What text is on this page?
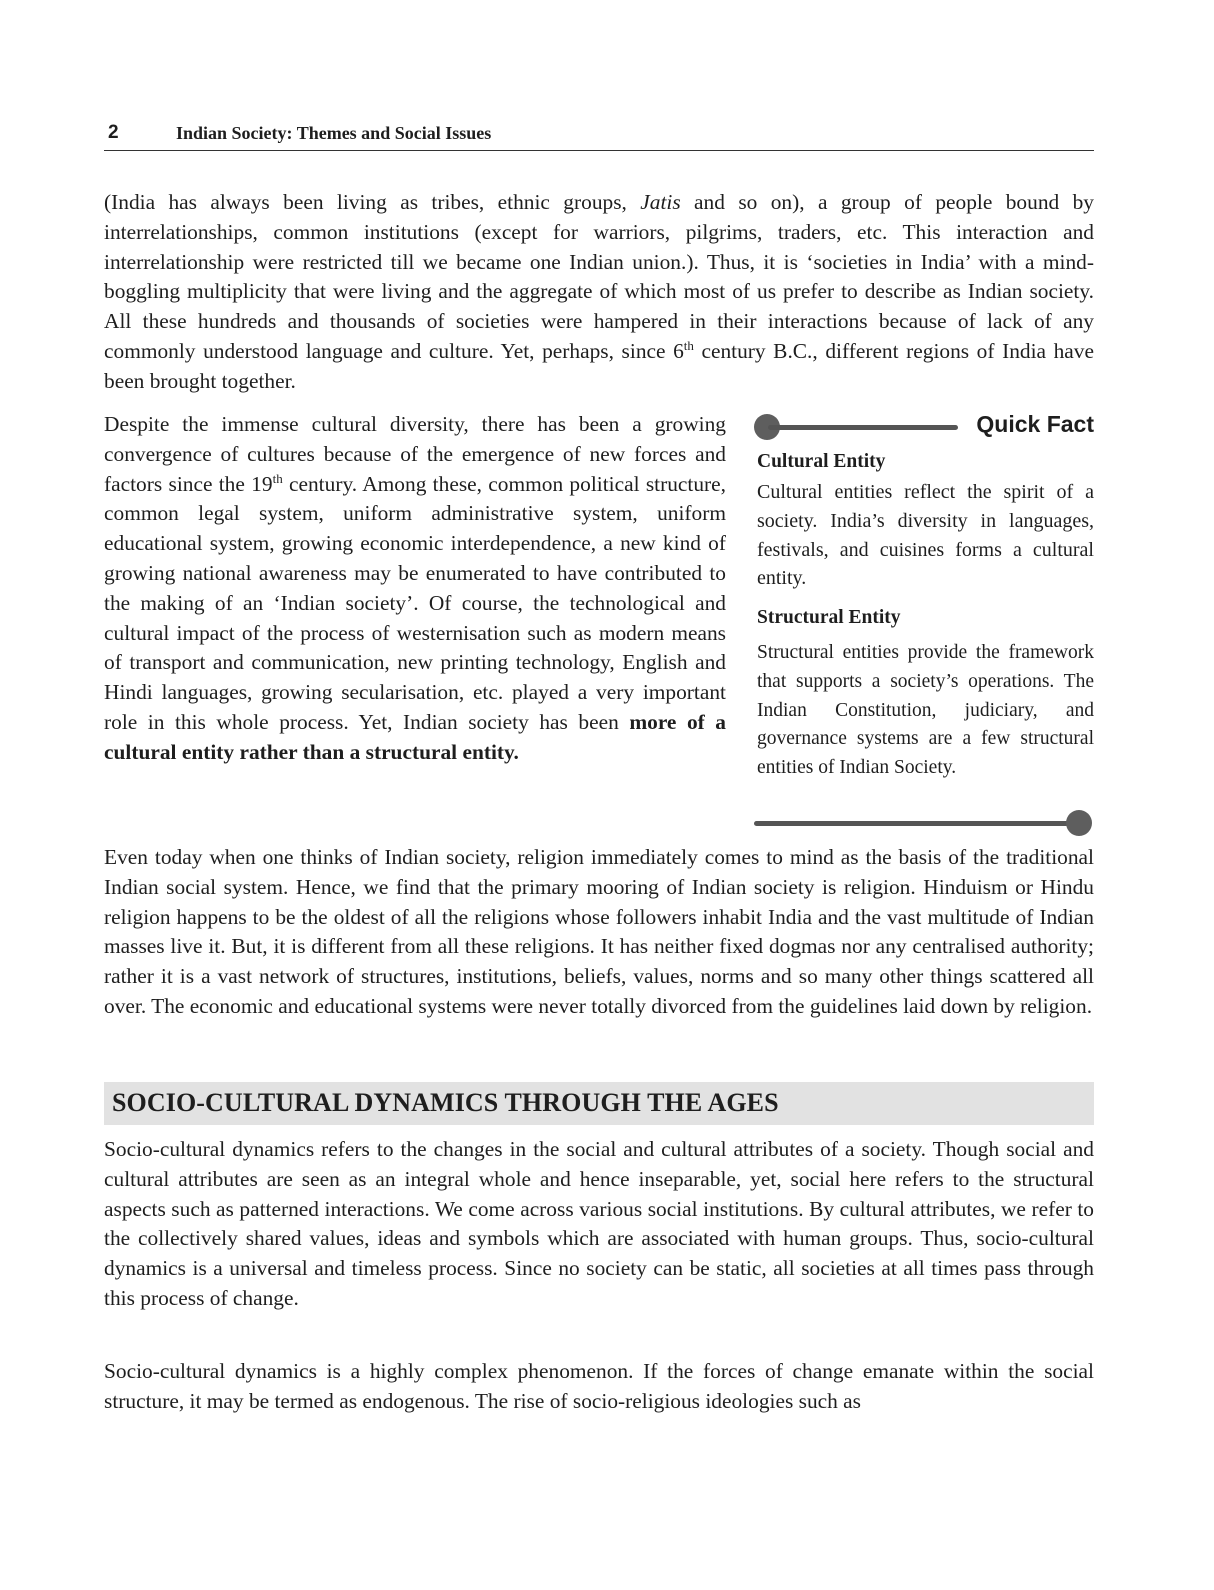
2	Indian Society: Themes and Social Issues

(India has always been living as tribes, ethnic groups, Jatis and so on), a group of people bound by interrelationships, common institutions (except for warriors, pilgrims, traders, etc. This interaction and interrelationship were restricted till we became one Indian union.). Thus, it is ‘societies in India’ with a mind-boggling multiplicity that were living and the aggregate of which most of us prefer to describe as Indian society. All these hundreds and thousands of societies were hampered in their interactions because of lack of any commonly understood language and culture. Yet, perhaps, since 6th century B.C., different regions of India have been brought together.

Despite the immense cultural diversity, there has been a growing convergence of cultures because of the emergence of new forces and factors since the 19th century. Among these, common political structure, common legal system, uniform administrative system, uniform educational system, growing economic interdependence, a new kind of growing national awareness may be enumerated to have contributed to the making of an ‘Indian society’. Of course, the technological and cultural impact of the process of westernisation such as modern means of transport and communication, new printing technology, English and Hindi languages, growing secularisation, etc. played a very important role in this whole process. Yet, Indian society has been more of a cultural entity rather than a structural entity.

Quick Fact
Cultural Entity

Cultural entities reflect the spirit of a society. India’s diversity in languages, festivals, and cuisines forms a cultural entity.

Structural Entity

Structural entities provide the framework that supports a society’s operations. The Indian Constitution, judiciary, and governance systems are a few structural entities of Indian Society.

Even today when one thinks of Indian society, religion immediately comes to mind as the basis of the traditional Indian social system. Hence, we find that the primary mooring of Indian society is religion. Hinduism or Hindu religion happens to be the oldest of all the religions whose followers inhabit India and the vast multitude of Indian masses live it. But, it is different from all these religions. It has neither fixed dogmas nor any centralised authority; rather it is a vast network of structures, institutions, beliefs, values, norms and so many other things scattered all over. The economic and educational systems were never totally divorced from the guidelines laid down by religion.

SOCIO-CULTURAL DYNAMICS THROUGH THE AGES

Socio-cultural dynamics refers to the changes in the social and cultural attributes of a society. Though social and cultural attributes are seen as an integral whole and hence inseparable, yet, social here refers to the structural aspects such as patterned interactions. We come across various social institutions. By cultural attributes, we refer to the collectively shared values, ideas and symbols which are associated with human groups. Thus, socio-cultural dynamics is a universal and timeless process. Since no society can be static, all societies at all times pass through this process of change.

Socio-cultural dynamics is a highly complex phenomenon. If the forces of change emanate within the social structure, it may be termed as endogenous. The rise of socio-religious ideologies such as
